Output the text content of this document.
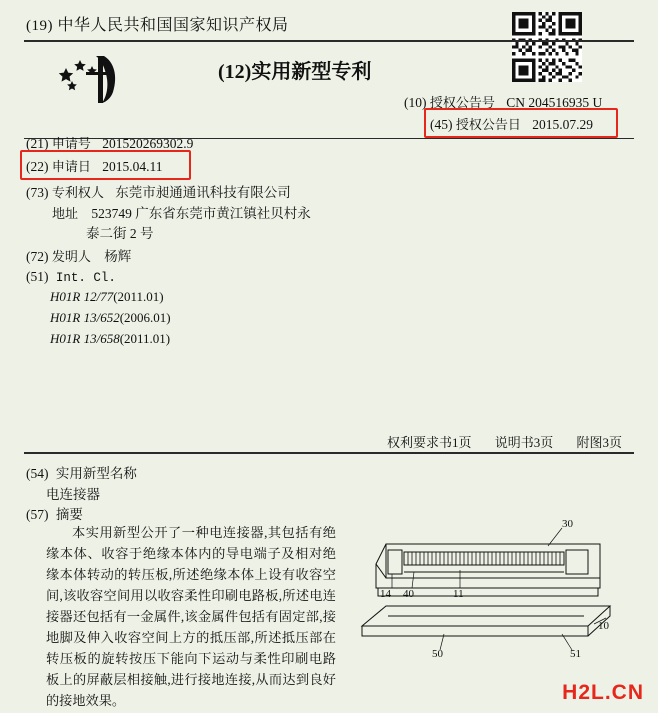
(19) 中华人民共和国国家知识产权局
(12)实用新型专利
(10) 授权公告号 CN 204516935 U
(45) 授权公告日 2015.07.29
(21) 申请号 201520269302.9
(22) 申请日 2015.04.11
(73) 专利权人 东莞市昶通通讯科技有限公司
地址 523749 广东省东莞市黄江镇社贝村永
泰二街 2 号
(72) 发明人 杨辉
(51) Int. Cl.
H01R 12/77(2011.01)
H01R 13/652(2006.01)
H01R 13/658(2011.01)
权利要求书1页 说明书3页 附图3页
(54) 实用新型名称
电连接器
(57) 摘要
本实用新型公开了一种电连接器,其包括有绝缘本体、收容于绝缘本体内的导电端子及相对绝缘本体转动的转压板,所述绝缘本体上设有收容空间,该收容空间用以收容柔性印刷电路板,所述电连接器还包括有一金属件,该金属件包括有固定部,接地脚及伸入收容空间上方的抵压部,所述抵压部在转压板的旋转按压下能向下运动与柔性印刷电路板上的屏蔽层相接触,进行接地连接,从而达到良好的接地效果。
30
14 40	11
10
50	51
H2L.CN
